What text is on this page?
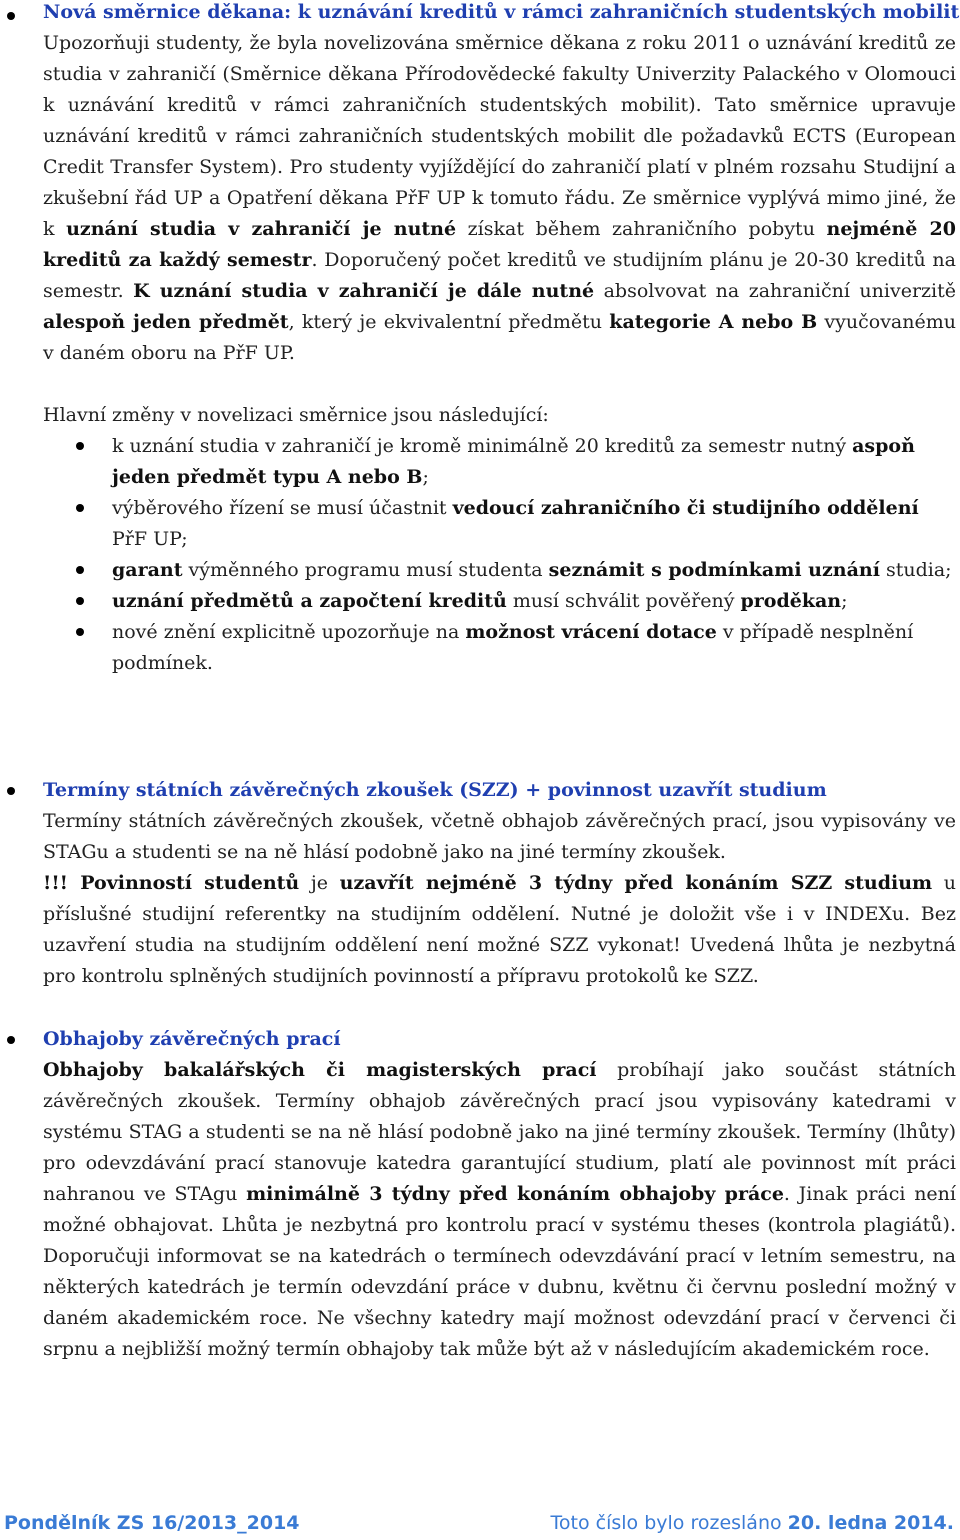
Nová směrnice děkana: k uznávání kreditů v rámci zahraničních studentských mobilit
Upozorňuji studenty, že byla novelizována směrnice děkana z roku 2011 o uznávání kreditů ze studia v zahraničí (Směrnice děkana Přírodovědecké fakulty Univerzity Palackého v Olomouci k uznávání kreditů v rámci zahraničních studentských mobilit). Tato směrnice upravuje uznávání kreditů v rámci zahraničních studentských mobilit dle požadavků ECTS (European Credit Transfer System). Pro studenty vyjíždějící do zahraničí platí v plném rozsahu Studijní a zkušební řád UP a Opatření děkana PřF UP k tomuto řádu. Ze směrnice vyplývá mimo jiné, že k uznání studia v zahraničí je nutné získat během zahraničního pobytu nejméně 20 kreditů za každý semestr. Doporučený počet kreditů ve studijním plánu je 20-30 kreditů na semestr. K uznání studia v zahraničí je dále nutné absolvovat na zahraniční univerzitě alespoň jeden předmět, který je ekvivalentní předmětu kategorie A nebo B vyučovanému v daném oboru na PřF UP.
Hlavní změny v novelizaci směrnice jsou následující:
k uznání studia v zahraničí je kromě minimálně 20 kreditů za semestr nutný aspoň jeden předmět typu A nebo B;
výběrového řízení se musí účastnit vedoucí zahraničního či studijního oddělení PřF UP;
garant výměnného programu musí studenta seznámit s podmínkami uznání studia;
uznání předmětů a započtení kreditů musí schválit pověřený proděkan;
nové znění explicitně upozorňuje na možnost vrácení dotace v případě nesplnění podmínek.
Termíny státních závěrečných zkoušek (SZZ) + povinnost uzavřít studium
Termíny státních závěrečných zkoušek, včetně obhajob závěrečných prací, jsou vypisovány ve STAGu a studenti se na ně hlásí podobně jako na jiné termíny zkoušek.
!!! Povinností studentů je uzavřít nejméně 3 týdny před konáním SZZ studium u příslušné studijní referentky na studijním oddělení. Nutné je doložit vše i v INDEXu. Bez uzavření studia na studijním oddělení není možné SZZ vykonat! Uvedená lhůta je nezbytná pro kontrolu splněných studijních povinností a přípravu protokolů ke SZZ.
Obhajoby závěrečných prací
Obhajoby bakalářských či magisterských prací probíhají jako součást státních závěrečných zkoušek. Termíny obhajob závěrečných prací jsou vypisovány katedrami v systému STAG a studenti se na ně hlásí podobně jako na jiné termíny zkoušek. Termíny (lhůty) pro odevzdávání prací stanovuje katedra garantující studium, platí ale povinnost mít práci nahranou ve STAgu minimálně 3 týdny před konáním obhajoby práce. Jinak práci není možné obhajovat. Lhůta je nezbytná pro kontrolu prací v systému theses (kontrola plagiátů). Doporučuji informovat se na katedrách o termínech odevzdávání prací v letním semestru, na některých katedrách je termín odevzdání práce v dubnu, květnu či červnu poslední možný v daném akademickém roce. Ne všechny katedry mají možnost odevzdání prací v červenci či srpnu a nejbližší možný termín obhajoby tak může být až v následujícím akademickém roce.
Pondělník ZS 16/2013_2014	Toto číslo bylo rozesláno 20. ledna 2014.
